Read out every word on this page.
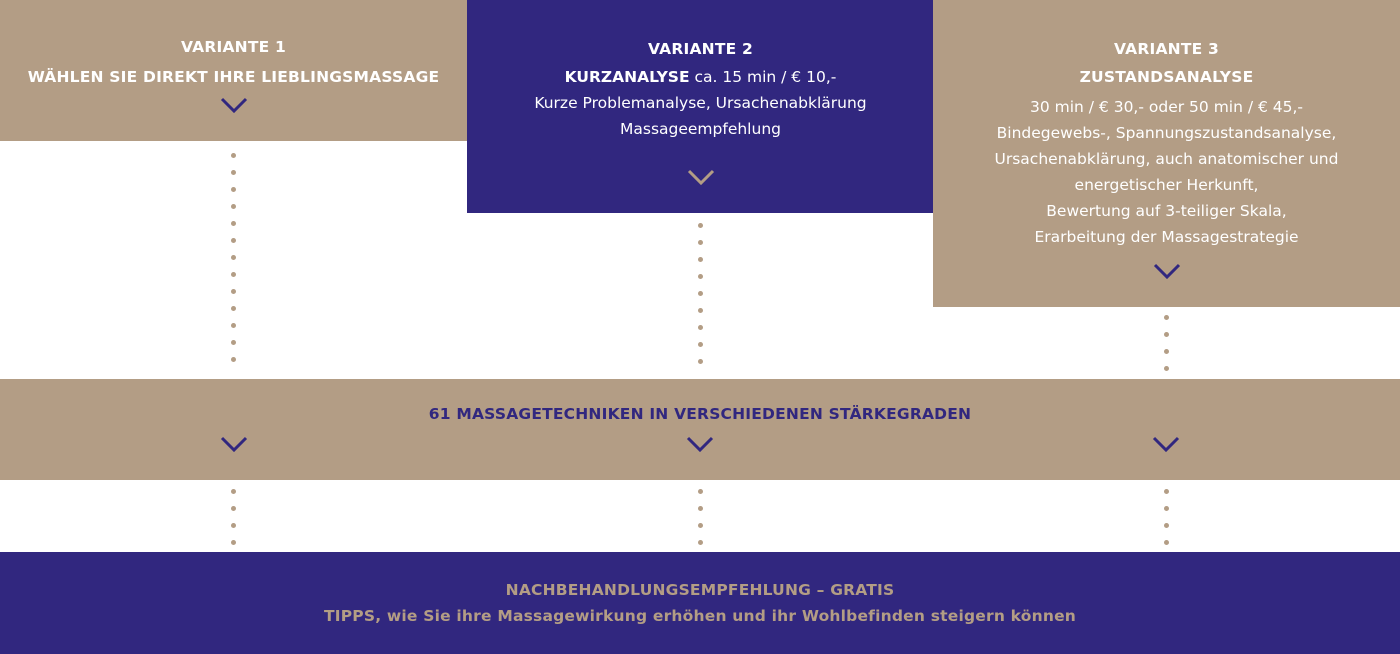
VARIANTE 1
WÄHLEN SIE DIREKT IHRE LIEBLINGSMASSAGE
VARIANTE 2
KURZANALYSE ca. 15 min / € 10,-
Kurze Problemanalyse, Ursachenabklärung
Massageempfehlung
VARIANTE 3
ZUSTANDSANALYSE
30 min / € 30,- oder 50 min / € 45,-
Bindegewebs-, Spannungszustandsanalyse,
Ursachenabklärung, auch anatomischer und
energetischer Herkunft,
Bewertung auf 3-teiliger Skala,
Erarbeitung der Massagestrategie
61 MASSAGETECHNIKEN IN VERSCHIEDENEN STÄRKEGRADEN
NACHBEHANDLUNGSEMPFEHLUNG – GRATIS
TIPPS, wie Sie ihre Massagewirkung erhöhen und ihr Wohlbefinden steigern können
